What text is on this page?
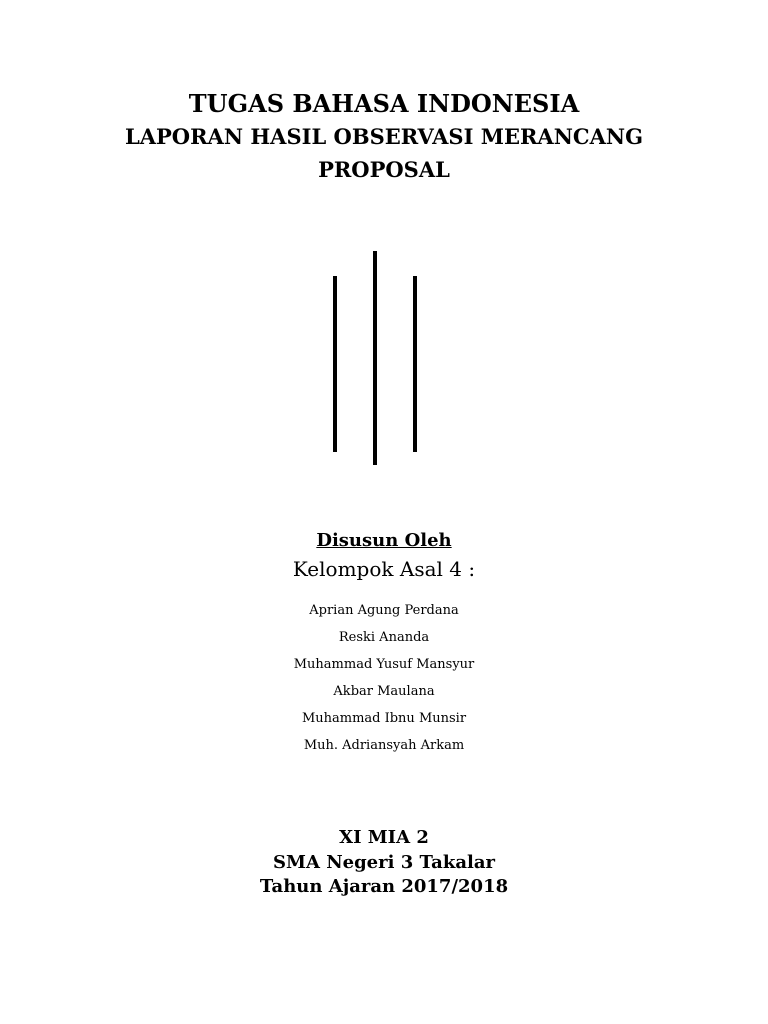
TUGAS BAHASA INDONESIA
LAPORAN HASIL OBSERVASI MERANCANG
PROPOSAL
Disusun Oleh
Kelompok Asal 4 :
Aprian Agung Perdana
Reski Ananda
Muhammad Yusuf Mansyur
Akbar Maulana
Muhammad Ibnu Munsir
Muh. Adriansyah Arkam
XI MIA 2
SMA Negeri 3 Takalar
Tahun Ajaran 2017/2018
